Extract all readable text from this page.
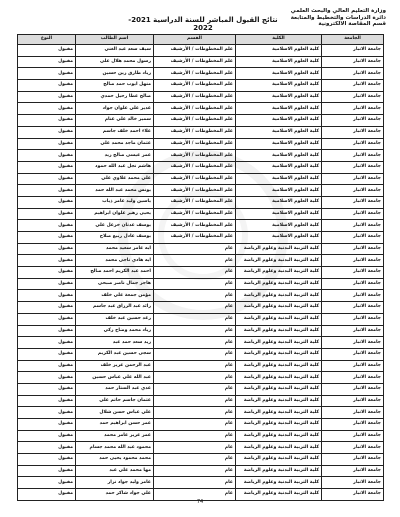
وزارة التعليم العالي والبحث العلمي
دائرة الدراسات والتخطيط والمتابعة
قسم المقاصة الالكترونية
نتائج القبول المباشر للسنة الدراسية 2021-2022
الجامعة	الكلية	القسم	اسم الطالب	النوع
جامعة الانبار	كلية العلوم الاسلامية	علم المخطوطات / الأرشيف	سيف سعد عبد الغني	مقبول
جامعة الانبار	كلية العلوم الاسلامية	علم المخطوطات / الأرشيف	رسول محمد هلال علي	مقبول
جامعة الانبار	كلية العلوم الاسلامية	علم المخطوطات / الأرشيف	زياد طارق زين حسين	مقبول
جامعة الانبار	كلية العلوم الاسلامية	علم المخطوطات / الأرشيف	منهل ايوب حمد صالح	مقبول
جامعة الانبار	كلية العلوم الاسلامية	علم المخطوطات / الأرشيف	صالح عطا رحيل حمدي	مقبول
جامعة الانبار	كلية العلوم الاسلامية	علم المخطوطات / الأرشيف	غدير علي علوان جواد	مقبول
جامعة الانبار	كلية العلوم الاسلامية	علم المخطوطات / الأرشيف	سمير خالد علي غنام	مقبول
جامعة الانبار	كلية العلوم الاسلامية	علم المخطوطات / الأرشيف	علاء احمد خلف جاسم	مقبول
جامعة الانبار	كلية العلوم الاسلامية	علم المخطوطات / الأرشيف	عثمان ماجد محمد علي	مقبول
جامعة الانبار	كلية العلوم الاسلامية	علم المخطوطات / الأرشيف	عمر عيسى صالح زيد	مقبول
جامعة الانبار	كلية العلوم الاسلامية	علم المخطوطات / الأرشيف	هاشم نجل عبد الله حمود	مقبول
جامعة الانبار	كلية العلوم الاسلامية	علم المخطوطات / الأرشيف	علي محمد علاوي علي	مقبول
جامعة الانبار	كلية العلوم الاسلامية	علم المخطوطات / الأرشيف	يونس محمد عبد الله حمد	مقبول
جامعة الانبار	كلية العلوم الاسلامية	علم المخطوطات / الأرشيف	ياسين وليد عامر ذياب	مقبول
جامعة الانبار	كلية العلوم الاسلامية	علم المخطوطات / الأرشيف	يحيى زهير علوان ابراهيم	مقبول
جامعة الانبار	كلية العلوم الاسلامية	علم المخطوطات / الأرشيف	يوسف عدنان خزعل علي	مقبول
جامعة الانبار	كلية العلوم الاسلامية	علم المخطوطات / الأرشيف	يوسف عادل ربيع صلاح	مقبول
جامعة الانبار	كلية التربية البدنية وعلوم الرياضة	عام	ايه عامر سعيد محمد	مقبول
جامعة الانبار	كلية التربية البدنية وعلوم الرياضة	عام	ايه هادي ناجي محمد	مقبول
جامعة الانبار	كلية التربية البدنية وعلوم الرياضة	عام	احمد عبد الكريم احمد صالح	مقبول
جامعة الانبار	كلية التربية البدنية وعلوم الرياضة	عام	هاجر جمال ناصر صبحي	مقبول
جامعة الانبار	كلية التربية البدنية وعلوم الرياضة	عام	مؤمن جمعة علي خلف	مقبول
جامعة الانبار	كلية التربية البدنية وعلوم الرياضة	عام	رائد عبد الرزاق عبد جاسم	مقبول
جامعة الانبار	كلية التربية البدنية وعلوم الرياضة	عام	رغد حسين عبد خلف	مقبول
جامعة الانبار	كلية التربية البدنية وعلوم الرياضة	عام	زياد محمد وضاح زكي	مقبول
جامعة الانبار	كلية التربية البدنية وعلوم الرياضة	عام	زيد سعد حمد عبد	مقبول
جامعة الانبار	كلية التربية البدنية وعلوم الرياضة	عام	سجى حسين عبد الكريم	مقبول
جامعة الانبار	كلية التربية البدنية وعلوم الرياضة	عام	عبد الرحمن عزيز خلف	مقبول
جامعة الانبار	كلية التربية البدنية وعلوم الرياضة	عام	عبد الله علي عباس حسين	مقبول
جامعة الانبار	كلية التربية البدنية وعلوم الرياضة	عام	عدي عبد الستار حمد	مقبول
جامعة الانبار	كلية التربية البدنية وعلوم الرياضة	عام	عثمان جاسم حاتم علي	مقبول
جامعة الانبار	كلية التربية البدنية وعلوم الرياضة	عام	علي عباس حسن شلال	مقبول
جامعة الانبار	كلية التربية البدنية وعلوم الرياضة	عام	عمر حسن ابراهيم حمد	مقبول
جامعة الانبار	كلية التربية البدنية وعلوم الرياضة	عام	عمر عزيز عامر محمد	مقبول
جامعة الانبار	كلية التربية البدنية وعلوم الرياضة	عام	محمود عبد الله محمد جسام	مقبول
جامعة الانبار	كلية التربية البدنية وعلوم الرياضة	عام	محمد محمود يحيى حمد	مقبول
جامعة الانبار	كلية التربية البدنية وعلوم الرياضة	عام	مها محمد علي عبد	مقبول
جامعة الانبار	كلية التربية البدنية وعلوم الرياضة	عام	عامر وليد جواد نزار	مقبول
جامعة الانبار	كلية التربية البدنية وعلوم الرياضة	عام	علي جواد شاكر حمد	مقبول
74
